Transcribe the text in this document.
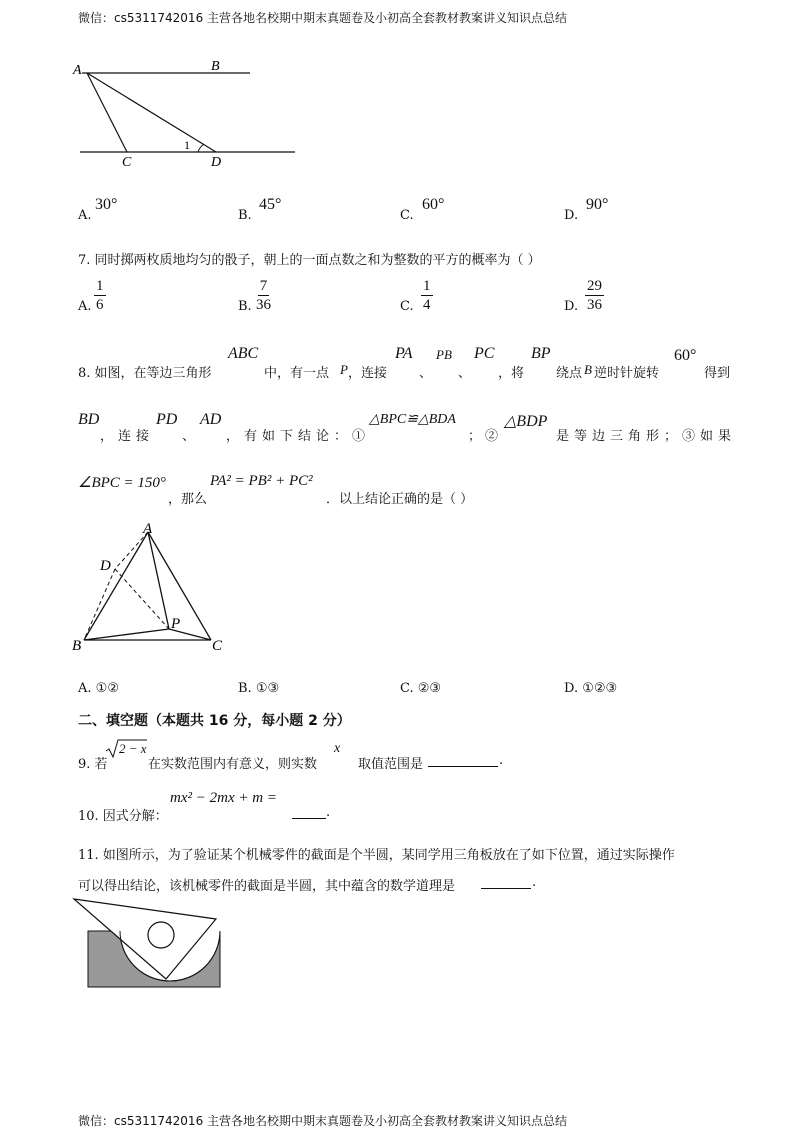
微信：cs5311742016 主营各地名校期中期末真题卷及小初高全套教材教案讲义知识点总结
A	B
C	D
1
A.
30°
B.
45°
C.
60°
D.
90°
7. 同时掷两枚质地均匀的骰子，朝上的一面点数之和为整数的平方的概率为（ ）
A. $\frac{1}{6}$	B. $\frac{7}{36}$	C. $\frac{1}{4}$	D. $\frac{29}{36}$
8. 如图，在等边三角形
ABC
中，有一点 P ，连接
PA
、
PB
、
PC
，将
BP
绕点 B 逆时针旋转
60°
得到
BD
，连接
PD
、
AD
，有如下结论：①
△BPC≌△BDA
；②
△BDP
是等边三角形；③如果
∠BPC = 150°
，那么
PA² = PB² + PC²
．以上结论正确的是（ ）
A
D
P
B	C
A. ①②	B. ①③	C. ②③	D. ①②③
二、填空题（本题共 16 分，每小题 2 分）
9. 若
2 − x
在实数范围内有意义，则实数
x
取值范围是	.
10. 因式分解：
mx² − 2mx + m =
.
11. 如图所示，为了验证某个机械零件的截面是个半圆，某同学用三角板放在了如下位置，通过实际操作
可以得出结论，该机械零件的截面是半圆，其中蕴含的数学道理是	.
微信：cs5311742016 主营各地名校期中期末真题卷及小初高全套教材教案讲义知识点总结
